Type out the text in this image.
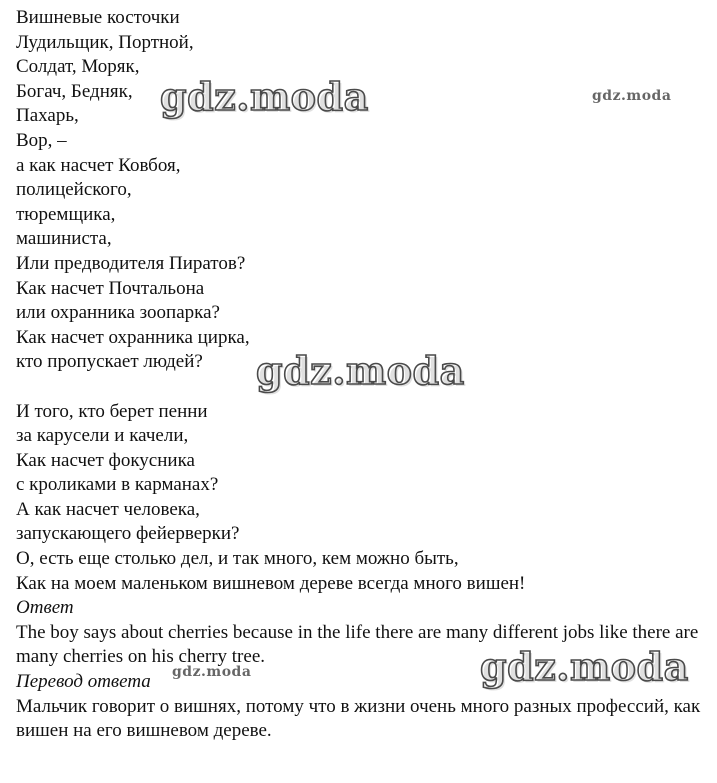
Вишневые косточки
Лудильщик, Портной,
Солдат, Моряк,
Богач, Бедняк,
Пахарь,
Вор, –
а как насчет Ковбоя,
полицейского,
тюремщика,
машиниста,
Или предводителя Пиратов?
Как насчет Почтальона
или охранника зоопарка?
Как насчет охранника цирка,
кто пропускает людей?
И того, кто берет пенни
за карусели и качели,
Как насчет фокусника
с кроликами в карманах?
А как насчет человека,
запускающего фейерверки?
О, есть еще столько дел, и так много, кем можно быть,
Как на моем маленьком вишневом дереве всегда много вишен!
Ответ
The boy says about cherries because in the life there are many different jobs like there are many cherries on his cherry tree.
Перевод ответа
Мальчик говорит о вишнях, потому что в жизни очень много разных профессий, как вишен на его вишневом дереве.
gdz.moda	gdz.moda
gdz.moda
gdz.moda
gdz.moda
